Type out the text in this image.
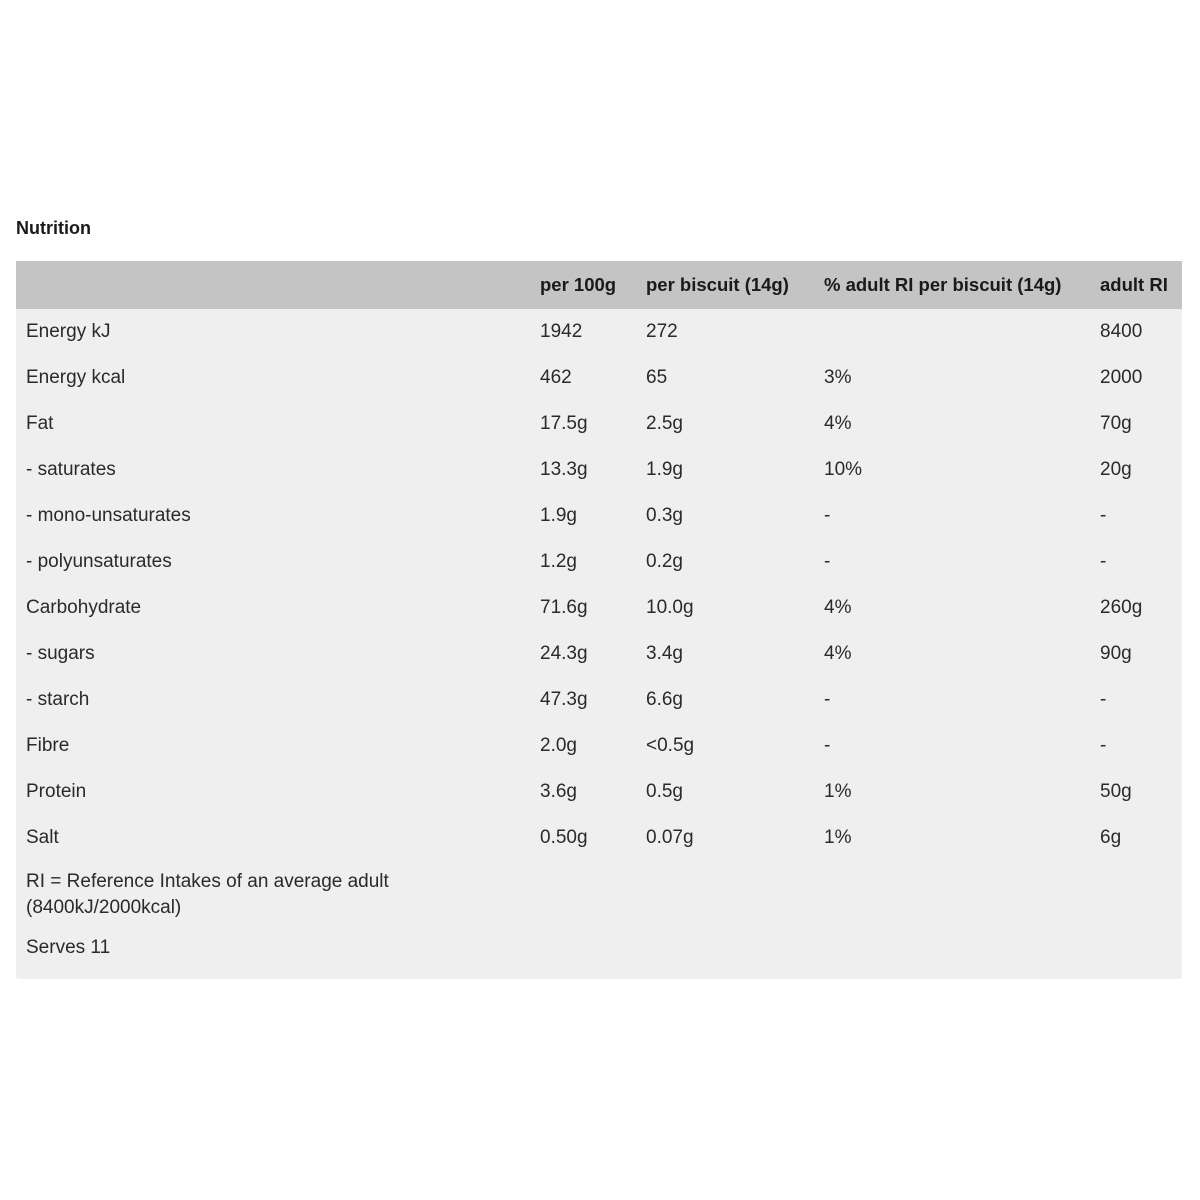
Nutrition
	per 100g	per biscuit (14g)	% adult RI per biscuit (14g)	adult RI
Energy kJ	1942	272		8400
Energy kcal	462	65	3%	2000
Fat	17.5g	2.5g	4%	70g
- saturates	13.3g	1.9g	10%	20g
- mono-unsaturates	1.9g	0.3g	-	-
- polyunsaturates	1.2g	0.2g	-	-
Carbohydrate	71.6g	10.0g	4%	260g
- sugars	24.3g	3.4g	4%	90g
- starch	47.3g	6.6g	-	-
Fibre	2.0g	<0.5g	-	-
Protein	3.6g	0.5g	1%	50g
Salt	0.50g	0.07g	1%	6g

RI = Reference Intakes of an average adult (8400kJ/2000kcal)				

Serves 11				
